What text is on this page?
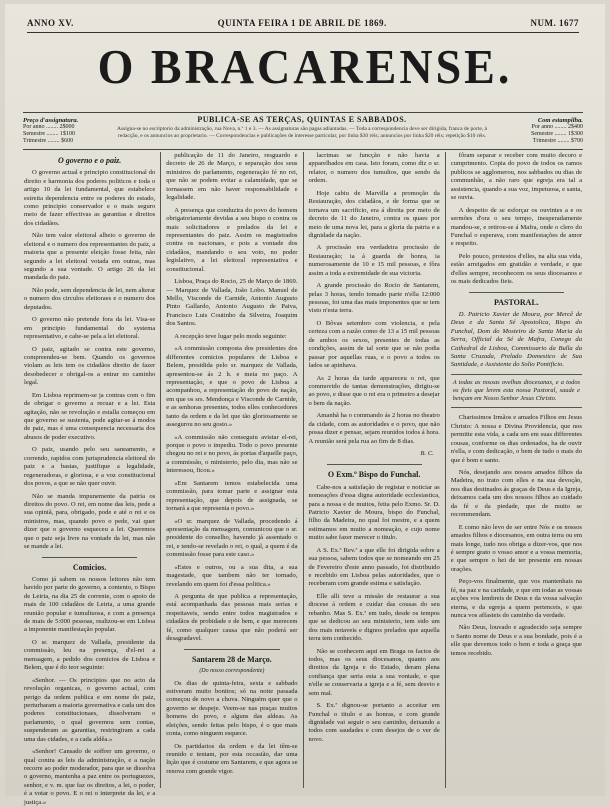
ANNO XV.	QUINTA FEIRA 1 DE ABRIL DE 1869.	NUM. 1677
O BRACARENSE.
Preço d'assignatura.
Por anno ........ 2$000
Semestre ........ 1$100
Trimestre ........ $600
PUBLICA-SE AS TERÇAS, QUINTAS E SABBADOS.
Assigna-se no escriptorio da administração, rua Nova, n.º 1 e 3. — As assignaturas são pagas adiantadas. — Toda a correspondencia deve ser dirigida, franca de porte, á redacção, e os annuncios ao proprietario. — Correspondencias e publicações de interesse particular, por linha $30 réis; annuncios por linha $20 réis; repetição $10 réis.
Com estampilha.
Por anno ........ 2$400
Semestre ........ 1$300
Trimestre ........ $700
O governo e o paiz.

O governo actual e principio constitucional do direito e harmonia dos poderes politicos e toda o artigo 10 da lei fundamental, que estabelece estreita dependencia entre os poderes do estado, como principio conservador e o mais seguro meio de fazer effectivas as garantias e direitos dos cidadãos.

Não tem valor eleitoral alheio o governo de eleitoral e o numero dos representantes do paiz, a maioria que a presente eleição fosse feita, não segundo a lei eleitoral votada em outras, mas segundo a sua vontade. O artigo 26 da lei mandada do paiz.

Não pode, sem dependencia de lei, nem alterar o numero dos circulos eleitoraes e o numero dos deputados.

O governo não pretende fora da lei. Visa-se em principio fundamental do systema representativo, e cabe-se pela a lei eleitoral.

O paiz, agitado se contra este governo, compreendeu-se bem. Quando os governos violam as leis tem os cidadãos direito de fazer desobedecer e obrigal-os a entrar no caminho legal.

Em Lisboa reprimem-se ja contras com o fim de obrigar o governo a recuar e a lei. Esta agitação, não se revolução e estalla começou em que governo se sustenta, pode agitar-se á modos de paiz, mas é uma consequencia necessaria dos abusos de poder executivo.

O paiz, usando pelo seu saneamento, e correndo, rapidos com jurisprudencia eleitoral do paiz e a bastas, justifique a legalidade, regeneradoras, e gloriosa, e a voz constitucional dos povos, a que se não quer ouvir.

Não se manda impunemente da patria os direitos do povo. O rei, em nome das leis, pede a sua opiniã, para, obrigado, pode e até o rei e os ministros, mas, quando povo o pede, vai quer dizer que o governo esqueceu a lei. Queremos que o paiz seja livre na vontade da lei, mas não se mande a lei.

Comicios.

Como já sabem os nossos leitores não tem havido por parte do governo, a contento, o Bispo de Leiria, na dia 25 de corrente, com o apoio de mais de 100 cidadãos de Leiria, a uma grande reunião popular e tumultuosa, e com a presença de mais de 5:000 pessoas, realizou-se em Lisboa a imponente manifestação popular.

O sr. marquez de Vallada, presidente da commissão, leu na presença, d'el-rei a mensagem, a pedido dos comicios de Lisboa e Belem, que é do teor seguinte:

«Senhor. — Os principios que no acto da revolução organicas, o governo actual, com perigo da ordem publica e em nome do paiz, perturbaram a maioria governativa e cada um dos poderes constitucionaes, dissolveram o parlamento, o qual governou sem contas, suspenderam as garantias, restringiram a cada uma das cidades, e a cada aldêa.»

«Senhor! Cansado de soffrer um governo, o qual contra as leis da administração, e a nação recorre ao poder moderador, para que se dissolva o governo, mantenha a paz entre os portuguezes, senhor, e v. m. que faz os direitos, a lei, o poder, é a votar o povo. E o rei o interprete da lei, e a justiça.»

publicação de 11 do Janeiro, resguardo e decreto de 26 de Março, e separação dos seus ministros do parlamento, regeneração fé no rei, que não se podem evitar a calamidade, que se tornassem em não haver responsabilidade e legalidade.

A presença que conduzira do povo do homem obrigatoriamente devidas a seu bispo o contra os mais solicitadores e prelados da lei e representantes do paiz. Assim os magistrados contra os nacionaes, e pois a vontade dos cidadãos, mandando o seu voto, no poder legislativo, a lei eleitoral representativa e constitucional.

Lisboa, Praça do Rocio, 25 de Março de 1869. — Marquez de Vallada, João Lobo. Manuel de Mello, Visconde de Carnide, Antonio Augusto Pinto Gallardo, Antonio Augusto de Paiva, Francisco Luis Coutinho da Silveira, Joaquim dos Santos.

A recepção teve lugar pelo modo seguinte:

«A commissão composta dos presidentes dos differentes comicios populares de Lisboa e Belem, presidida pelo sr. marquez de Vallada, apresentou-se ás 2 h. e meia no paço. A representação, e que o povo de Lisboa a acompanhou, a representação do povo de nação, em que os srs. Mendonça e Visconde de Carnide, e as senhoras presentes, todos elles conhecedores tanto da ordem e da lei que tão gloriosamente se assegurou no seu gosto.»

«A commissão não conseguiu avistar el-rei, porque o povo o impediu. Todo o povo presente chegou no rei e no povo, ás portas d'aquelle paço, a commissão, o ministerio, pelo dia, mas não se interessou, ficou.»

«Em Santarem temos estabelecida uma commissão, para tomar parte e assignar esta representação, que depois de assignada, se tornará a que representa o povo.»

«O sr. marquez de Vallada, procedendo á apresentação da mensagem, comunicou que o sr. presidente do conselho, havendo já assentado o rei, e tendo-se revelado o rei, o qual, a quem é da commissão fosse para este caso.»

«Estes e outros, ou a sua dita, a sua magestade, que tambem não ter tornado, revelando em quem foi d'essa politica.»

A pergunta de que publica a representação, está acompanhada das pessoas mais serias e respeitaveis, sendo entre todos magistrados e cidadãos de probidade e de bem, e que merecem fé, como qualquer causa que não poderá ser desagradavel.

Santarem 28 de Março.
(Do nosso correspondente)

Os dias de quinta-feira, sexta e sabbado estiveram muito bonitos; só na noite passada começou de novo a chuva. Ninguém quer que o governo se despeje. Veem-se nas praças muitos homens do povo, e alguns das aldeas. As eleições, sendo feitas pelo bispo, é o que mais conta, como ninguem esquece.

Os partidarios da ordem e da lei têm-se reunido e tentam, por esta occasião, dar uma lição que é costume em Santarem, e que agora se renova com grande vigor.

lacrimas se funcção e não havia a apparelhados em casa. Isto foram, como diz o sr. relator, o numero dos tumultos, que sendo da ordem.

Hoje cabiu de Marvilla a promoção da Restauração, dos cidadãos, e de forma que se tornava um sacrificio, era á direita por meio de decreto de 11 do Janeiro, contra os quaes por meio de uma nova lei, para a gloria da patria e a dignidade da nação.

A procissão era verdadeira procissão de Restauração; ia á guarda de honra, ia numerosamente de 10 e 15 mil pessoas, e fôra assim a toda a extremidade de sua victoria.

A grande procissão do Rocio de Santarem, pelas 3 horas, tendo tomado parte n'ella 12:000 pessoas, foi uma das mais imponentes que se tem visto n'esta terra.

O Bôvas setembro com violencia, e pela certeza com a razão como de 13 a 15 mil pessoas de ambos os sexos, presentes de todas as condições, assim de tal sorte que se não podia passar por aquellas ruas, e o povo a todos os lados se apinhava.

As 2 horas da tarde appareceu o rei, que commovido de tantas demonstrações, dirigiu-se ao povo, e disse que o rei era o primeiro a desejar o bem da nação.

Amanhã ha o commando ás 2 horas no theatro da cidade, com as autoridades e o povo, que não possa dizer e pensar, sejam reunidos todos á hora. A reunião será pela rua ao fim de 8 dias.

B. C.
O Exm.º Bispo do Funchal.

Cabe-nos a satisfação de registar e noticiar as nomeações d'essa digna autoridade ecclesiastica, para a nossa e de muitos, feita pelo Exmo. Sr. D. Patricio Xavier de Moura, bispo do Funchal, filho da Madeira, no qual foi mestre, e a quem estimamos em muito a nomeação, e cujo nome muito sabe fazer merecer o titulo.

A S. Ex.ª Rev.ª a que elle foi dirigida sobre a sua pessoa, sabem todos que se nomeando em 25 de Fevereiro d'este anno passado, foi distribuido e recebido em Lisboa pelas autoridades, que o receberam com grande estima e satisfação.

Elle alli teve a missão de restaurar a sua diocese á ordem e cuidar das cousas do seu rebanho. Mas S. Ex.ª em tudo, desde os tempos que se dedicou ao seu ministerio, tem sido um dos mais notaveis e dignos prelados que aquella terra tem conhecido.

Não se conhecem aqui em Braga os factos de todos, mas os seus diocesanos, quanto aos direitos da Igreja e do Estado, deram plena confiança que seria esta a sua vontade, e que n'elle se conservaria a igreja e a fé, sem desvio e sem mal.

S. Ex.ª dignou-se portanto a acceitar em Funchal o titulo e as honras, e com grande dignidade vai seguir o seu caminho, deixando a todos com saudades e com desejos de o ver de novo.

fôram separar e receber com muito decoro e cumprimento. Copia do povo de todos os ramos publicos se agglomerou, nos sabbados ou dias de communhão, a não raro que egreja era tal a assistencia, quando a sua voz, impetuosa, e santa, se ouvia.

A despeito de se esforçar os ouvintes a e os sermões d'ora o seu tempo, inesperadamente mandou-se, e retirou-se á Mafra, onde o clero do Funchal o esperava, com manifestações de amor e respeito.

Pelo pouco, protestos d'elles, na alta sua vida, estão arreigados em gratidão e verdade, e que d'elles sempre, reconhecem os seus diocesanos e os mais dedicados fieis.

PASTORAL.

D. Patricio Xavier de Moura, por Mercê de Deus e da Santa Sé Apostolica, Bispo do Funchal, Dom do Mosteiro de Santa Maria da Serra, Official da Sé de Mafra, Conego da Cathedral de Lisboa, Commissario da Bulla da Santa Cruzada, Prelado Domestico de Sua Santidade, e Assistente do Solio Pontificio.

A todas as nossas ovelhas diocesanas, e a todos os fieis que lerem esta nossa Pastoral, saude e bençam em Nosso Senhor Jesus Christo.

Charissimos Irmãos e amados Filhos em Jesus Christo: A nossa e Divina Providencia, que nos permitte esta vida, a cada um em suas differentes cousas, conforme os dias ordenados, ha de ouvir n'ella, e com dedicação, o bem de tudo o mais do que é bom e santo.

Nós, desejando aos nossos amados filhos da Madeira, no trato com elles e na sua devoção, nos dias destinados ás graças de Deus e da Igreja, deixamos cada um dos nossos filhos ao cuidado da fé e da piedade, que de muito se recommendam.

E como não levo de ser entre Nós e os nossos amados filhos e diocesanos, em outra terra ou em mais longe, tudo nos obriga a dizer-vos, que nos é sempre grato o vosso amor e a vossa memoria, e que sempre o hei de ter presente em nossas orações.

Peço-vos finalmente, que vos mantenhais na fé, na paz e na caridade, e que em todas as vossas acções vos lembreis de Deus e da vossa salvação eterna, e da egreja a quem pertenceis, e que nunca vos affasteis do caminho da verdade.

Não Deus, louvado e agradecido seja sempre o Santo nome de Deus e a sua bondade, pois é a elle que devemos todo o bem e toda a graça que temos recebido.
